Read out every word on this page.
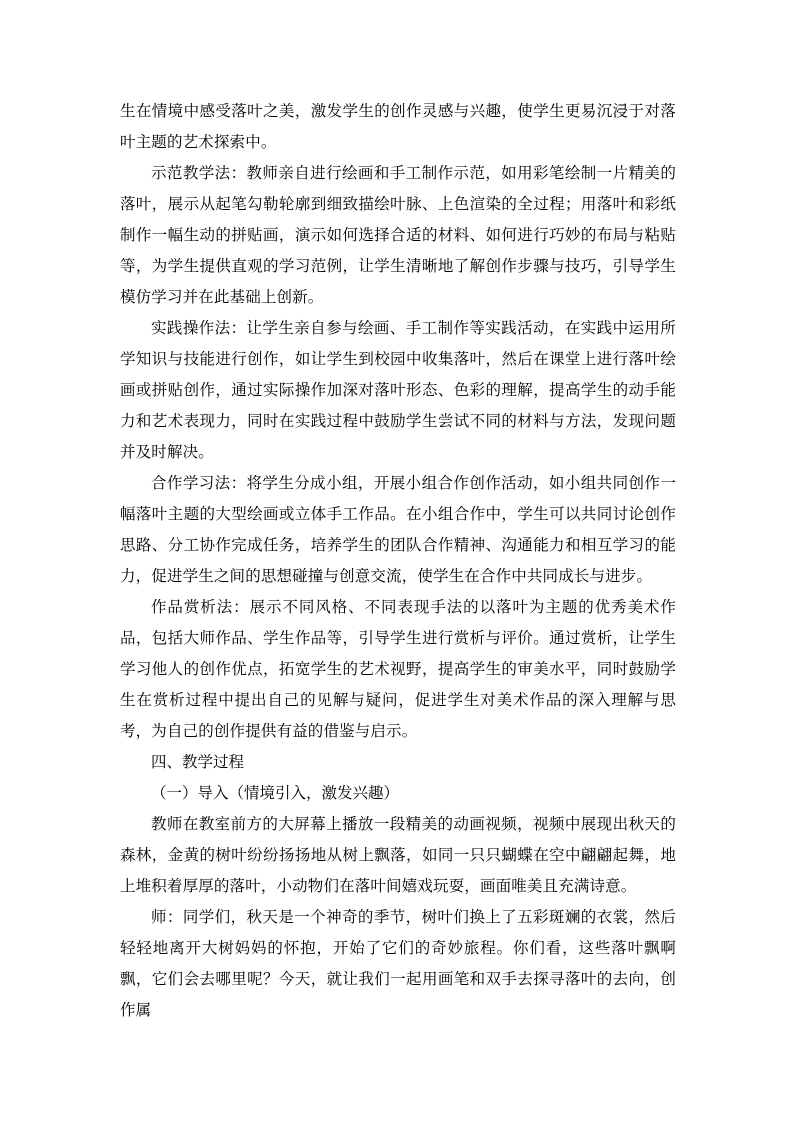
生在情境中感受落叶之美，激发学生的创作灵感与兴趣，使学生更易沉浸于对落叶主题的艺术探索中。

示范教学法：教师亲自进行绘画和手工制作示范，如用彩笔绘制一片精美的落叶，展示从起笔勾勒轮廓到细致描绘叶脉、上色渲染的全过程；用落叶和彩纸制作一幅生动的拼贴画，演示如何选择合适的材料、如何进行巧妙的布局与粘贴等，为学生提供直观的学习范例，让学生清晰地了解创作步骤与技巧，引导学生模仿学习并在此基础上创新。

实践操作法：让学生亲自参与绘画、手工制作等实践活动，在实践中运用所学知识与技能进行创作，如让学生到校园中收集落叶，然后在课堂上进行落叶绘画或拼贴创作，通过实际操作加深对落叶形态、色彩的理解，提高学生的动手能力和艺术表现力，同时在实践过程中鼓励学生尝试不同的材料与方法，发现问题并及时解决。

合作学习法：将学生分成小组，开展小组合作创作活动，如小组共同创作一幅落叶主题的大型绘画或立体手工作品。在小组合作中，学生可以共同讨论创作思路、分工协作完成任务，培养学生的团队合作精神、沟通能力和相互学习的能力，促进学生之间的思想碰撞与创意交流，使学生在合作中共同成长与进步。

作品赏析法：展示不同风格、不同表现手法的以落叶为主题的优秀美术作品，包括大师作品、学生作品等，引导学生进行赏析与评价。通过赏析，让学生学习他人的创作优点，拓宽学生的艺术视野，提高学生的审美水平，同时鼓励学生在赏析过程中提出自己的见解与疑问，促进学生对美术作品的深入理解与思考，为自己的创作提供有益的借鉴与启示。

四、教学过程

（一）导入（情境引入，激发兴趣）

教师在教室前方的大屏幕上播放一段精美的动画视频，视频中展现出秋天的森林，金黄的树叶纷纷扬扬地从树上飘落，如同一只只蝴蝶在空中翩翩起舞，地上堆积着厚厚的落叶，小动物们在落叶间嬉戏玩耍，画面唯美且充满诗意。

师：同学们，秋天是一个神奇的季节，树叶们换上了五彩斑斓的衣裳，然后轻轻地离开大树妈妈的怀抱，开始了它们的奇妙旅程。你们看，这些落叶飘啊飘，它们会去哪里呢？今天，就让我们一起用画笔和双手去探寻落叶的去向，创作属
